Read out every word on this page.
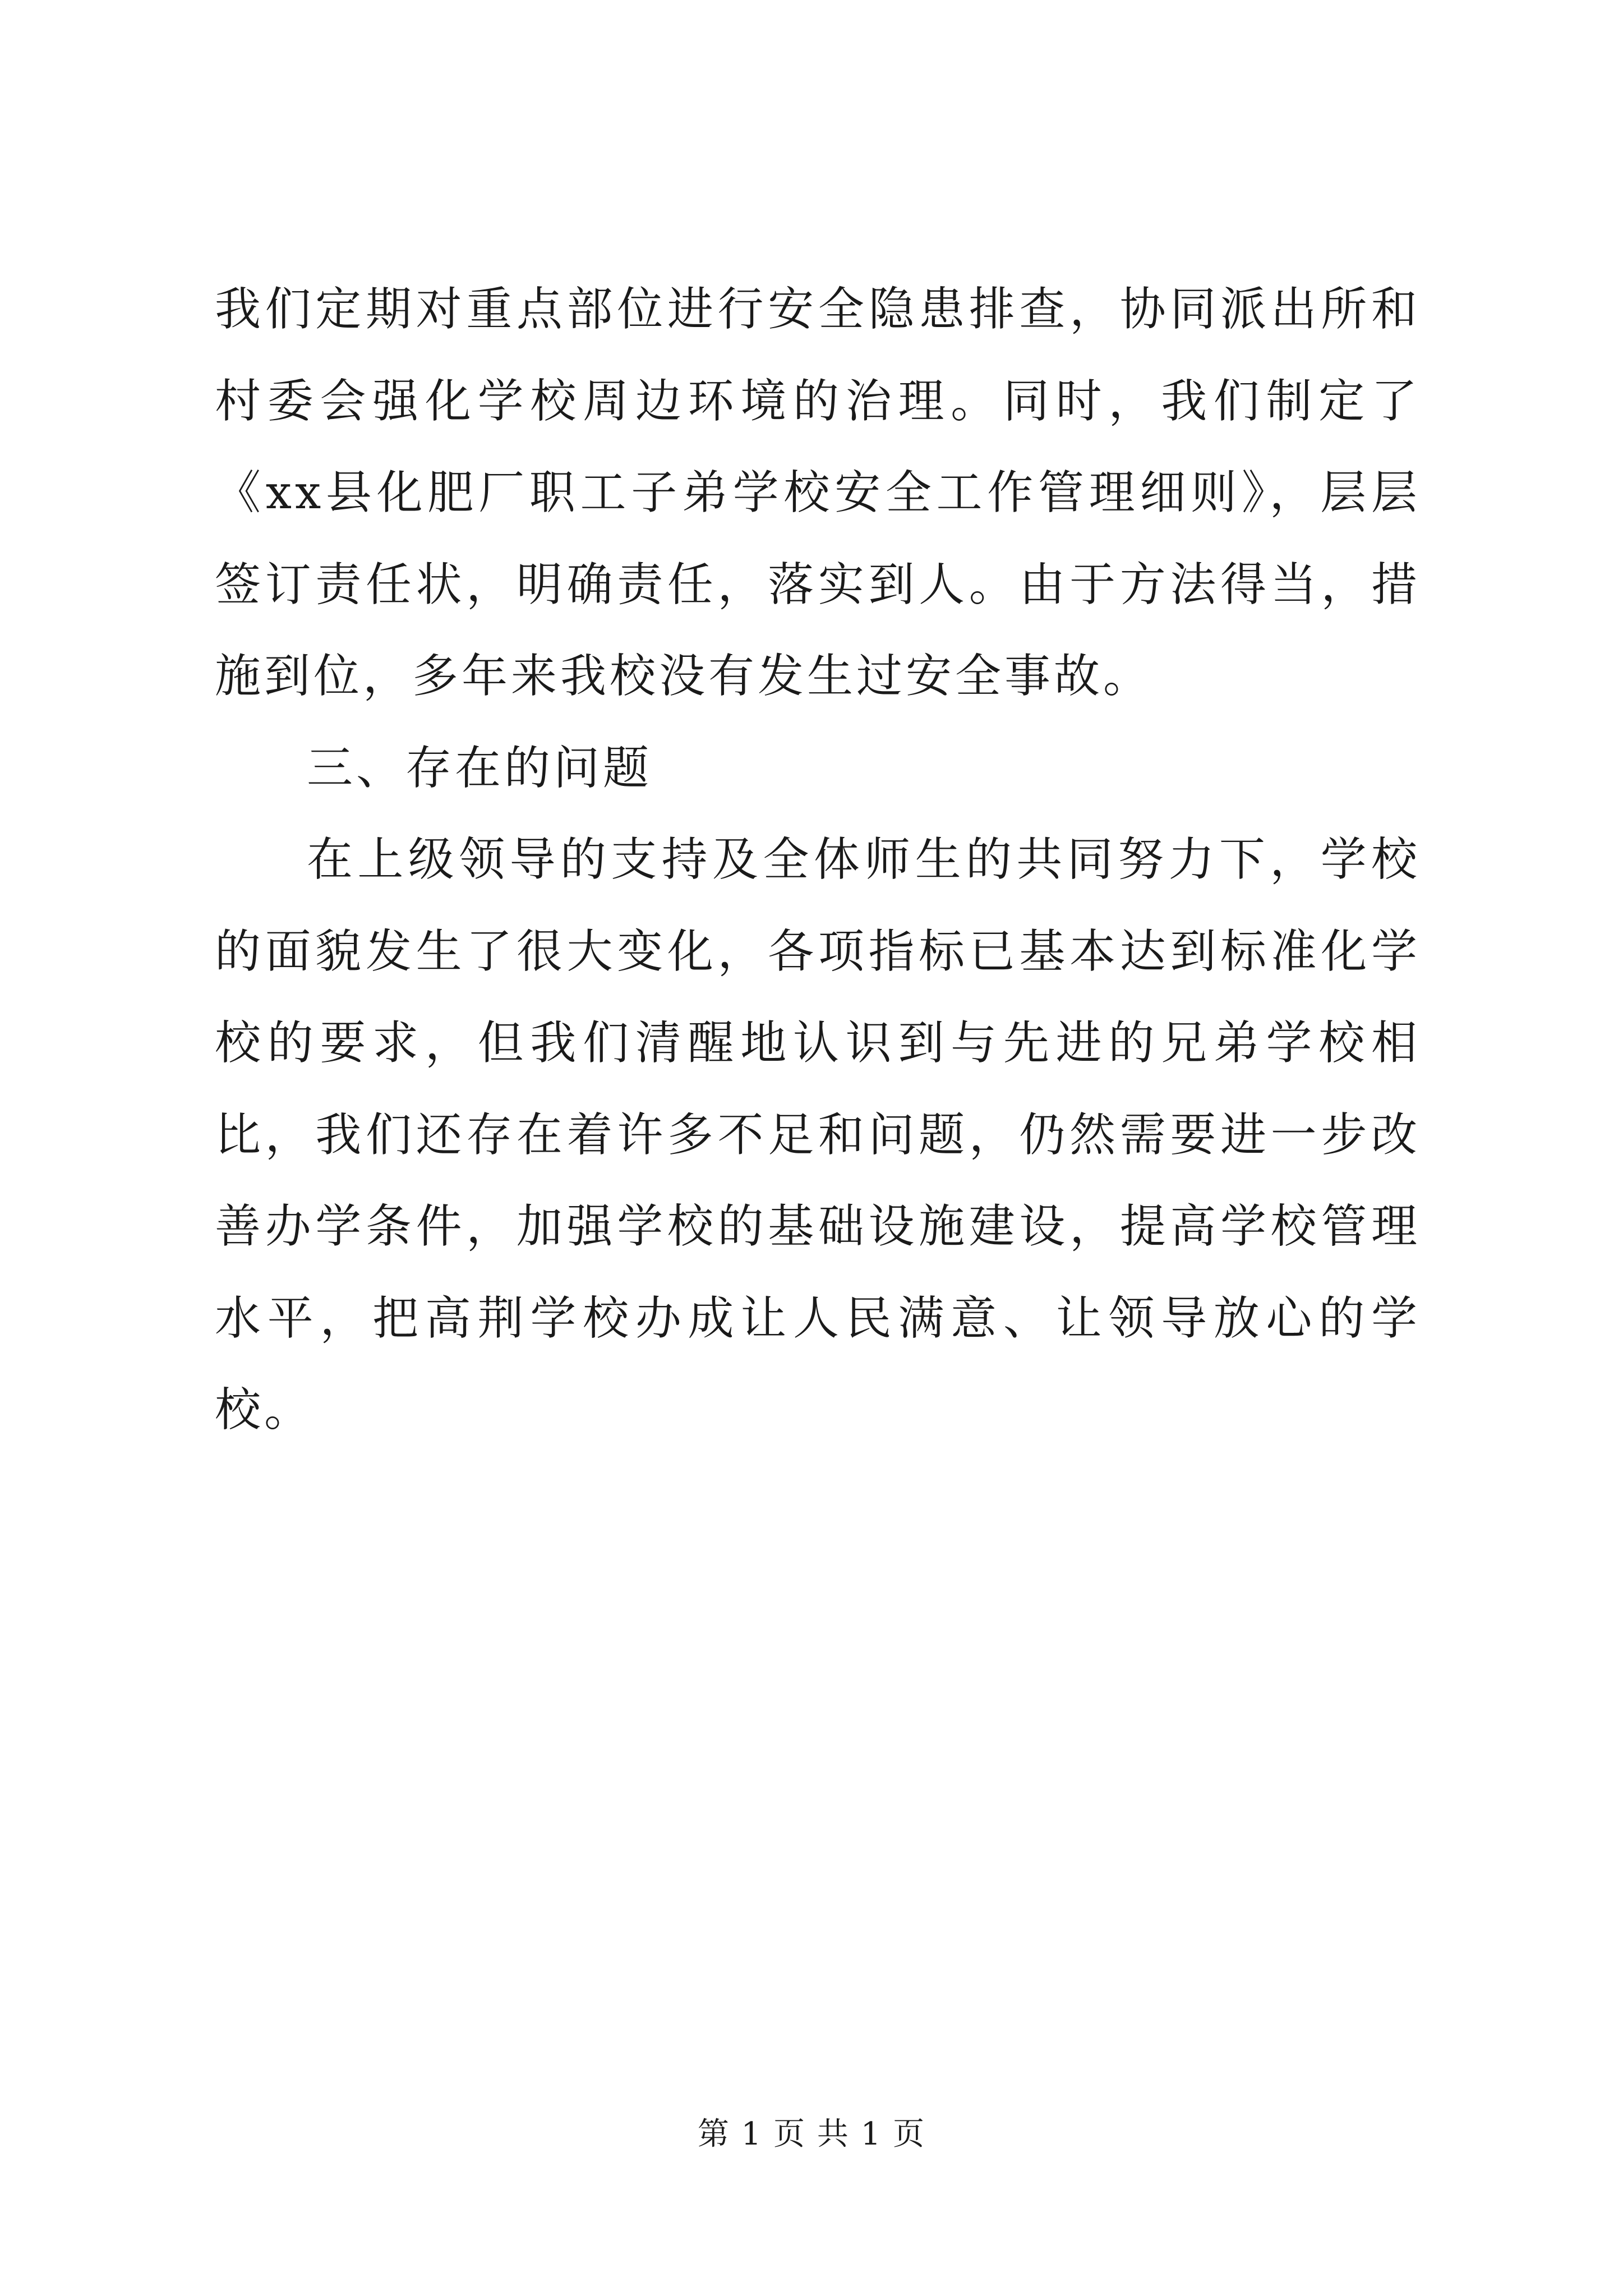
我们定期对重点部位进行安全隐患排查，协同派出所和村委会强化学校周边环境的治理。同时，我们制定了《xx县化肥厂职工子弟学校安全工作管理细则》，层层签订责任状，明确责任，落实到人。由于方法得当，措施到位，多年来我校没有发生过安全事故。

三、存在的问题

在上级领导的支持及全体师生的共同努力下，学校的面貌发生了很大变化，各项指标已基本达到标准化学校的要求，但我们清醒地认识到与先进的兄弟学校相比，我们还存在着许多不足和问题，仍然需要进一步改善办学条件，加强学校的基础设施建设，提高学校管理水平，把高荆学校办成让人民满意、让领导放心的学校。

第 1 页 共 1 页
